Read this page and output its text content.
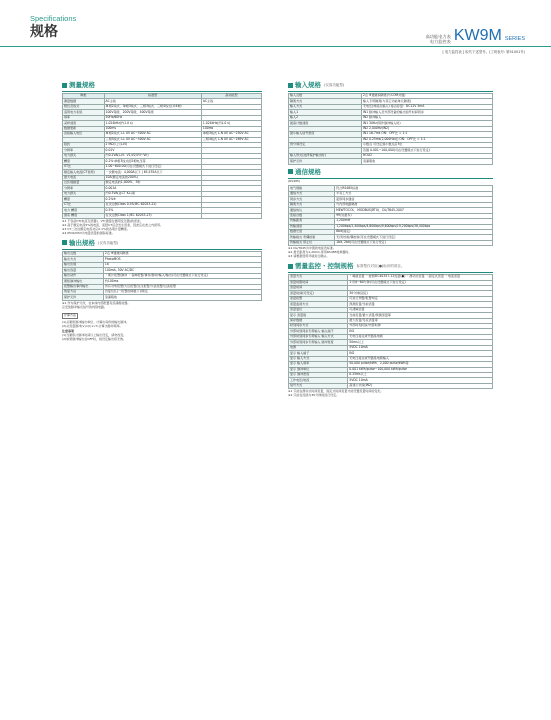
Specifications
规格	高功能电力表
电力监控表 KW9M SERIES
[ 电力监控表 ] 取代下述型号。(工规表号: 第51001号)
测量规格
种类	标准型	高功能型
测量数据	AC主线	AC主线
相位及线式	单相2线式、单相3线式、三相3线式、三相4线式(共4种)	
适用电力系统	100V等级、200V等级、400V等级	
频率	50Hz/60Hz	
采样速度	1.024kHz(约1.0 s)	1.024kHz(约1.0 s)
数据更新	100ms	100ms
直接输入电压	单相2线式 L-L 0V AC~500V AC	单相3线式 L-N 0V AC~250V AC
	三相3线式 L-L 0V AC~500V AC	三相4线式 L-N 0V AC~289V AC
阻抗	2 MΩ以上(L-N)	
分辨率	0.01V	
电力损失	约0.2VA(L-N：V1/V2/V3~Vn)	
精度	0.2%·单相3线式的2相电压等	
VT比	1.00~600.00(可在设置模式下进行设定)	
额定输入电流(CT使用)	一次侧电流：4,000A以下 | 65,535A以下	
最大电流	10A(额定电流的200%)	
过负载耐量	额定电流的1,000%、3秒	
分辨率	0.001A	
电力损失	约0.3VA(各CT K-L间)	
精度	0.2%※	
CT比	在次边侧Class 0.5S(IEC 62053-22)	
电力 精度	0.5%	
国家 精度	在次边侧Class 1(IEC 62053-23)	

※1 不包括CT(电流互感器)、VT(测量仪器用变压器)的误差。

※2 高于额定电流5%的电流，流经CT后会发生误差，因此应在此之内使用。

※3 CT二次边额定电流对应0.1%的各项计量精度。

※4 IEC62053为电量需量的国际标准。

输出规格 (仅有功能型)
输出点数	2点 ※通道间隔离
输出方式	PhotoMOS
输出负载	1a
输出容量	100mA, 30V AC/DC
输出动作	・累计报警/脉冲 ・各种报警/事件/脉冲/输入/输出(可在设置模式下进行设定)
累积脉冲输出	约100ms
报警输出事件输出	所有对象报警/欠压报警/过压报警/欠流报警/过流报警
恢复方法	自复位(任一报警的阈值下)/锁定
保护元件	浪涌吸收

※1 作为保护元件，在本体内部配置有浪涌吸收器。

应安装脉冲输出信号的判别电路。

计算方法

(1)从累积脉冲输出单位、计算出每秒的输出脉冲。

(2)从需量脉冲(V)×(I)×√3,计算出脉冲频率。

注意事项

(1)当累积计脉冲时间以上输出设定，请勿改变。

(2)如果脉冲输出在OFF时，则设定输出将无效。

输入规格 (仅高功能型)
输入点数	2点 ※通道间隔离(与COM共通)
隔离方式	输入专用隔离(与其它功能单元隔离)
输入方式	无电压(或接点输入) 接点容量：DC12V 5mA
输入1	IN1 脉冲输入及外部设备的输出信号时间同步
输入2	IN2 脉冲输入
最高计数速度	IN1 30Hz(用作脉冲输入时)
	IN2 2,000Hz(IN2)
最小输入信号宽度	IN1 16.7ms ON：OFF比 = 1:1
	IN2 0.25ms(2,000Hz时) ON：OFF比 = 1:1
预分频设定	小数点 可设定到小数点后3位
	范围 0.001~100,000(可在设置模式下进行设定)
输入形式(选择保护输出时)	HOLD
保护元件	浪涌吸收
通信规格
(RS485)
电气规格	符合RS485标准
通信方式	半双工方式
同步方式	起停同步通信
隔离方式	与内部电路隔离
通信协议	MEWTOCOL、MODBUS(RTU)、DL/T645-2007
连接台数	99台(最多)
传输距离	1,200m※
传输速度	1,200bps/2,400bps/4,800bps/9,600bps/19,200bps/38,400bps
数据长度	8bit(固定)
传输格式 奇偶校验	无/奇校验/偶校验(可在设置模式下进行设定)
传输格式 停止位	1bit, 2bit(可在设置模式下进行设定)

※1 DL/T645为中国的电能表标准。

※2 最长距离为1,200m,使用RS485转换器时。

※3 请根据使用环境进行确认。

需量监控・控制规格 标准型仅对应(●)标识的项目。
需量方式	・峰值需量 ・按照IEC61557-12需量(●) ・滑动式需量 ・固定式需量 ・电流需量
需量时限时间	1分钟~60分钟(可在设置模式下进行设定)
需量时间	
需量时间(可设定)	30分钟(固定)
需量报警	可进行预警/报警判定
需量监视方式	预测需量/当前需量
需量复位	可清除需量
显示 需量值	当前需量/最大需量/预测需量等
保存数据	最大需量/月底需量等
时刻同步方式	外部时刻同步/内部时钟
外部时刻同步专用输入 输入端子	IN1
外部时刻同步专用输入 输入方式	无电压接点或开路集电极
外部时刻同步专用输入 脉冲宽度	50ms以上
电源	5VDC 10mA
显示 输入端子	IN2
显示 输入方式	无电压接点或开路集电极输入
显示 输入频率	50,000 pulse/kWh、2,000 pulse/kWh等
显示 脉冲单位	0.001 kWh/pulse~100,000 kWh/pulse
显示 脉冲宽度	0.25ms以上
工作电压/电流	5VDC 10mA
信号方式	高速公共线(IN2)

※1 只能在滑动式时间需量，固定式时间需量才能设置需量时间的变化。

※2 只能在连续为30分钟的进行设定。
